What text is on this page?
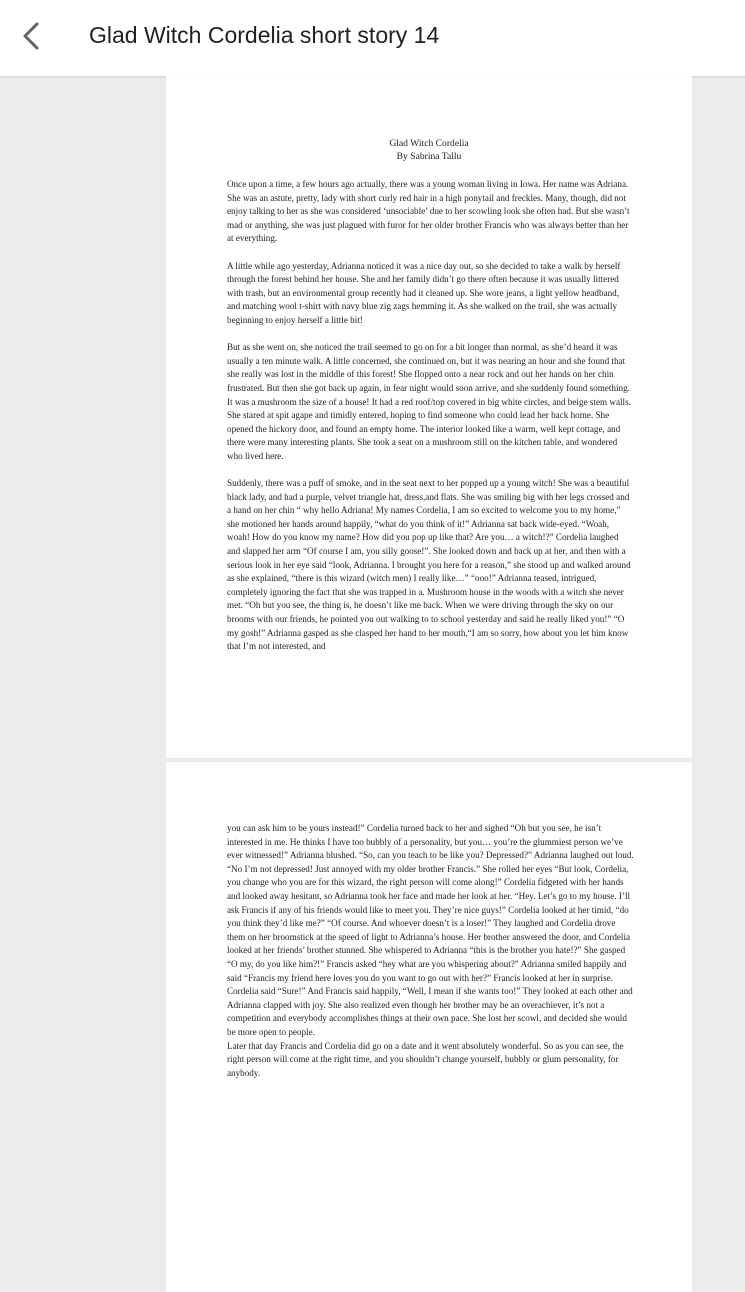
Glad Witch Cordelia short story 14
Glad Witch Cordelia
By Sabrina Tallu

Once upon a time, a few hours ago actually, there was a young woman living in Iowa. Her name was Adriana. She was an astute, pretty, lady with short curly red hair in a high ponytail and freckles. Many, though, did not enjoy talking to her as she was considered ‘unsociable’ due to her scowling look she often had. But she wasn’t mad or anything, she was just plagued with furor for her older brother Francis who was always better than her at everything.

A little while ago yesterday, Adrianna noticed it was a nice day out, so she decided to take a walk by herself through the forest behind her house. She and her family didn’t go there often because it was usually littered with trash, but an environmental group recently had it cleaned up. She wore jeans, a light yellow headband, and matching wool t-shirt with navy blue zig zags hemming it. As she walked on the trail, she was actually beginning to enjoy herself a little bit!

But as she went on, she noticed the trail seemed to go on for a bit longer than normal, as she’d heard it was usually a ten minute walk. A little concerned, she continued on, but it was nearing an hour and she found that she really was lost in the middle of this forest! She flopped onto a near rock and out her hands on her chin frustrated. But then she got back up again, in fear night would soon arrive, and she suddenly found something. It was a mushroom the size of a house! It had a red roof/top covered in big white circles, and beige stem walls. She stared at spit agape and timidly entered, hoping to find someone who could lead her back home. She opened the hickory door, and found an empty home. The interior looked like a warm, well kept cottage, and there were many interesting plants. She took a seat on a mushroom still on the kitchen table, and wondered who lived here.

Suddenly, there was a puff of smoke, and in the seat next to her popped up a young witch! She was a beautiful black lady, and had a purple, velvet triangle hat, dress,and flats. She was smiling big with her legs crossed and a hand on her chin “ why hello Adriana! My names Cordelia, I am so excited to welcome you to my home,” she motioned her hands around happily, “what do you think of it!” Adrianna sat back wide-eyed. “Woah, woah! How do you know my name? How did you pop up like that? Are you… a witch!?” Cordelia laughed and slapped her arm “Of course I am, you silly goose!”. She looked down and back up at her, and then with a serious look in her eye said “look, Adrianna. I brought you here for a reason,” she stood up and walked around as she explained, “there is this wizard (witch men) I really like…” “ooo!” Adrianna teased, intrigued, completely ignoring the fact that she was trapped in a. Mushroom house in the woods with a witch she never met. “Oh but you see, the thing is, he doesn’t like me back. When we were driving through the sky on our brooms with our friends, he pointed you out walking to to school yesterday and said he really liked you!” “O my gosh!” Adrianna gasped as she clasped her hand to her mouth,“I am so sorry, how about you let him know that I’m not interested, and

you can ask him to be yours instead!” Cordelia turned back to her and sighed “Oh but you see, he isn’t interested in me. He thinks I have too bubbly of a personality, but you… you’re the glummiest person we’ve ever witnessed!” Adrianna blushed. “So, can you teach to be like you? Depressed?” Adrianna laughed out loud. “No I’m not depressed! Just annoyed with my older brother Francis.” She rolled her eyes “But look, Cordelia, you change who you are for this wizard, the right person will come along!” Cordelia fidgeted with her hands and looked away hesitant, so Adrianna took her face and made her look at her. “Hey. Let’s go to my house. I’ll ask Francis if any of his friends would like to meet you. They’re nice guys!” Cordelia looked at her timid, “do you think they’d like me?” “Of course. And whoever doesn’t is a loser!” They laughed and Cordelia drove them on her broomstick at the speed of light to Adrianna’s house. Her brother answered the door, and Cordelia looked at her friends’ brother stunned. She whispered to Adrianna “this is the brother you hate!?” She gasped “O my, do you like him?!” Francis asked “hey what are you whispering about?” Adrianna smiled happily and said “Francis my friend here loves you do you want to go out with her?” Francis looked at her in surprise. Cordelia said “Sure!” And Francis said happily, “Well, I mean if she wants too!” They looked at each other and Adrianna clapped with joy. She also realized even though her brother may be an overachiever, it’s not a competition and everybody accomplishes things at their own pace. She lost her scowl, and decided she would be more open to people.

Later that day Francis and Cordelia did go on a date and it went absolutely wonderful. So as you can see, the right person will come at the right time, and you shouldn’t change yourself, bubbly or glum personality, for anybody.
